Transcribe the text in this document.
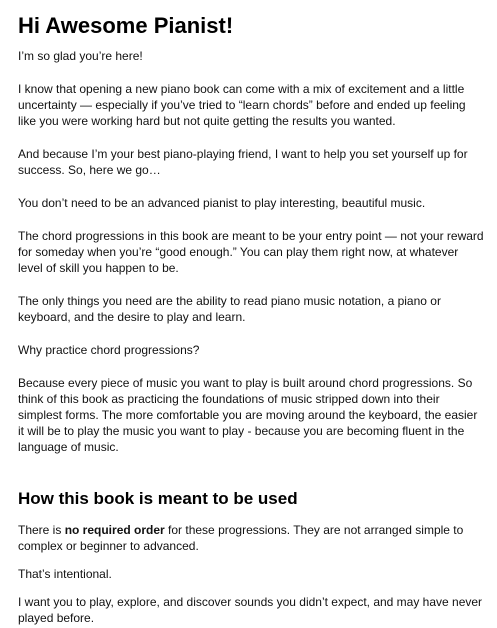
Hi Awesome Pianist!

I’m so glad you’re here!

I know that opening a new piano book can come with a mix of excitement and a little uncertainty — especially if you’ve tried to “learn chords” before and ended up feeling like you were working hard but not quite getting the results you wanted.

And because I’m your best piano-playing friend, I want to help you set yourself up for success. So, here we go…

You don’t need to be an advanced pianist to play interesting, beautiful music.

The chord progressions in this book are meant to be your entry point — not your reward for someday when you’re “good enough.” You can play them right now, at whatever level of skill you happen to be.

The only things you need are the ability to read piano music notation, a piano or keyboard, and the desire to play and learn.

Why practice chord progressions?

Because every piece of music you want to play is built around chord progressions. So think of this book as practicing the foundations of music stripped down into their simplest forms. The more comfortable you are moving around the keyboard, the easier it will be to play the music you want to play - because you are becoming fluent in the language of music.

How this book is meant to be used

There is no required order for these progressions. They are not arranged simple to complex or beginner to advanced.

That’s intentional.

I want you to play, explore, and discover sounds you didn’t expect, and may have never played before.
